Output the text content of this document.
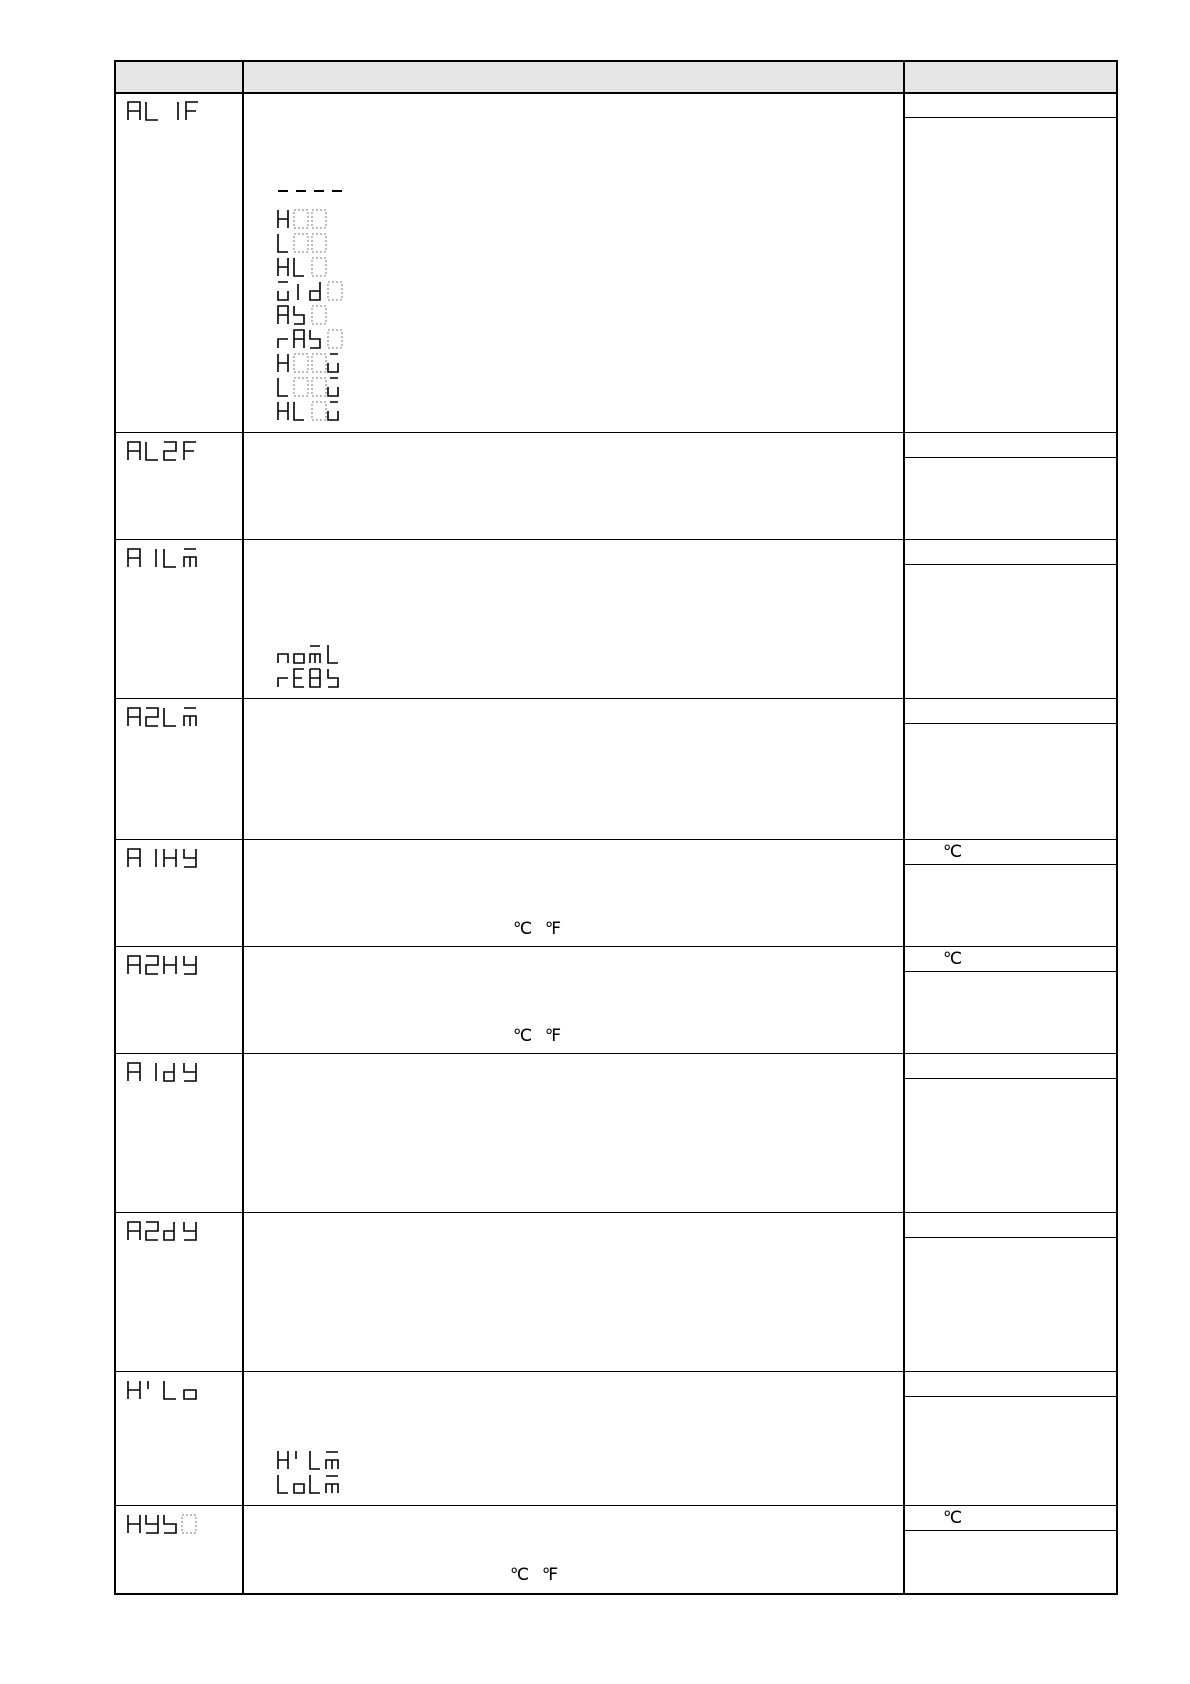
℃
℃   ℉
℃
℃   ℉
℃
℃   ℉
